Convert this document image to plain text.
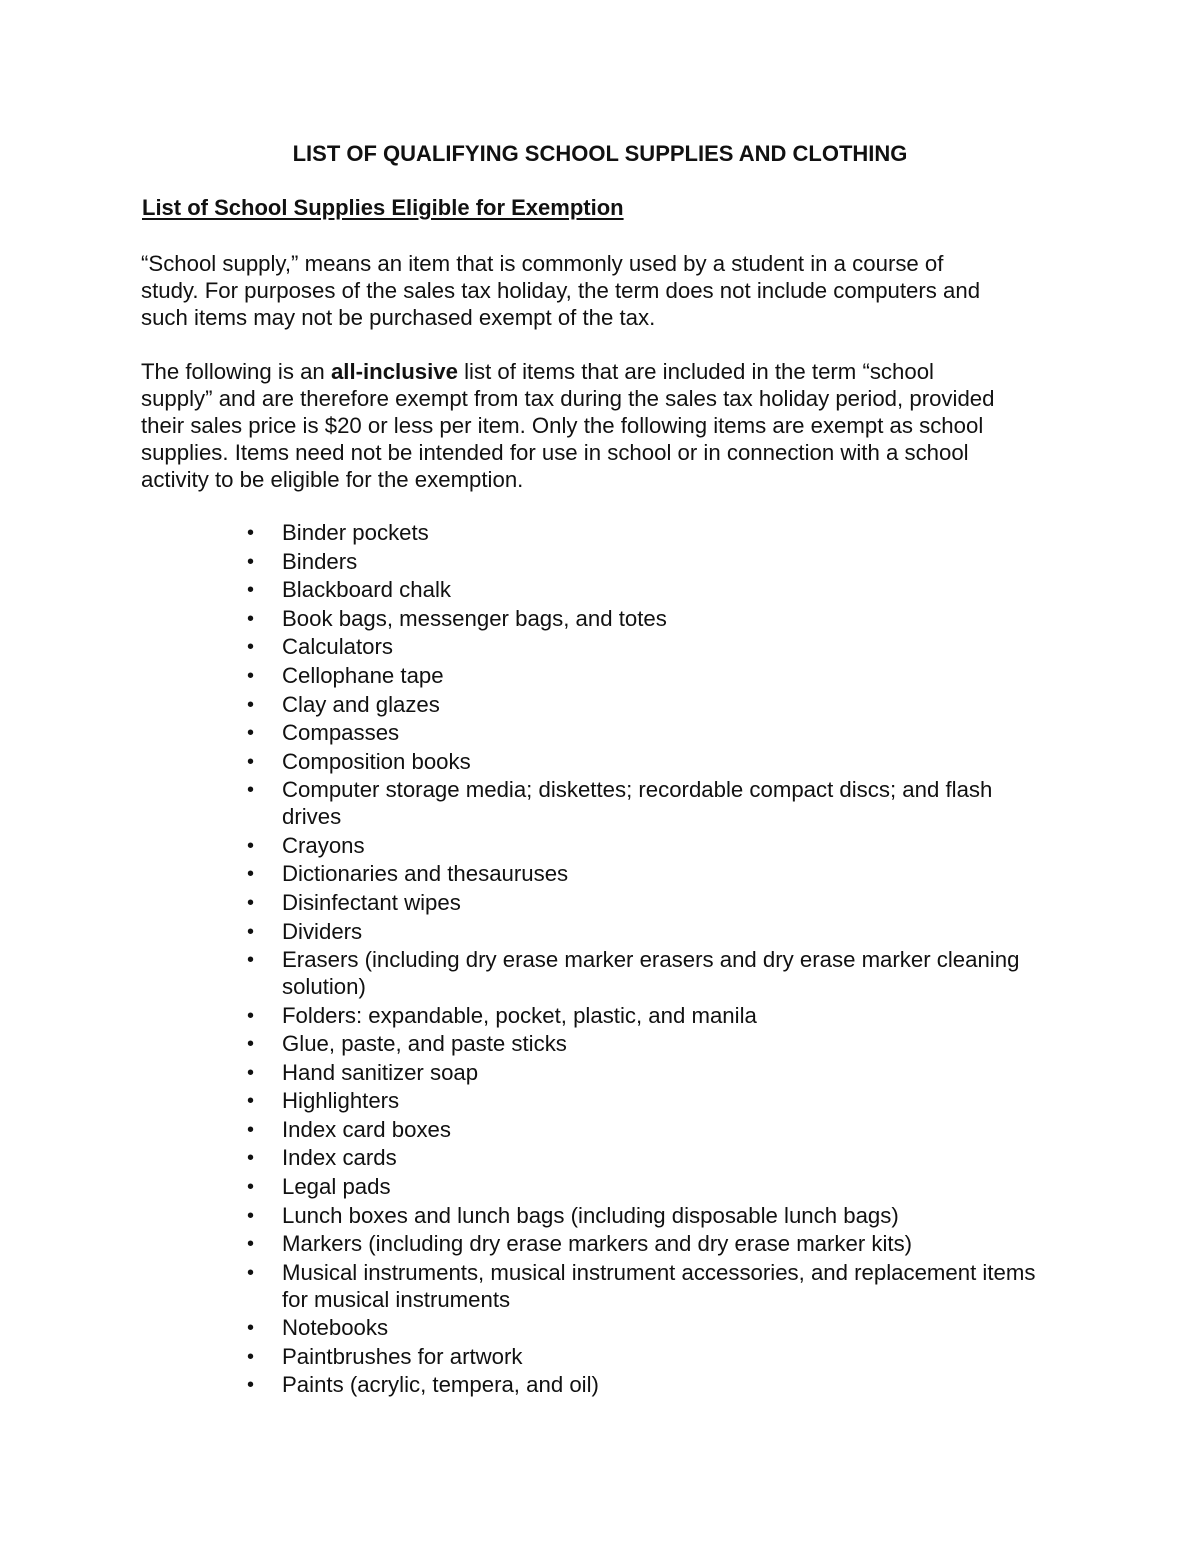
LIST OF QUALIFYING SCHOOL SUPPLIES AND CLOTHING
List of School Supplies Eligible for Exemption

“School supply,” means an item that is commonly used by a student in a course of
study. For purposes of the sales tax holiday, the term does not include computers and
such items may not be purchased exempt of the tax.

The following is an all-inclusive list of items that are included in the term “school
supply” and are therefore exempt from tax during the sales tax holiday period, provided
their sales price is $20 or less per item. Only the following items are exempt as school
supplies. Items need not be intended for use in school or in connection with a school
activity to be eligible for the exemption.

• Binder pockets
• Binders
• Blackboard chalk
• Book bags, messenger bags, and totes
• Calculators
• Cellophane tape
• Clay and glazes
• Compasses
• Composition books
• Computer storage media; diskettes; recordable compact discs; and flash drives
• Crayons
• Dictionaries and thesauruses
• Disinfectant wipes
• Dividers
• Erasers (including dry erase marker erasers and dry erase marker cleaning solution)
• Folders: expandable, pocket, plastic, and manila
• Glue, paste, and paste sticks
• Hand sanitizer soap
• Highlighters
• Index card boxes
• Index cards
• Legal pads
• Lunch boxes and lunch bags (including disposable lunch bags)
• Markers (including dry erase markers and dry erase marker kits)
• Musical instruments, musical instrument accessories, and replacement items for musical instruments
• Notebooks
• Paintbrushes for artwork
• Paints (acrylic, tempera, and oil)
